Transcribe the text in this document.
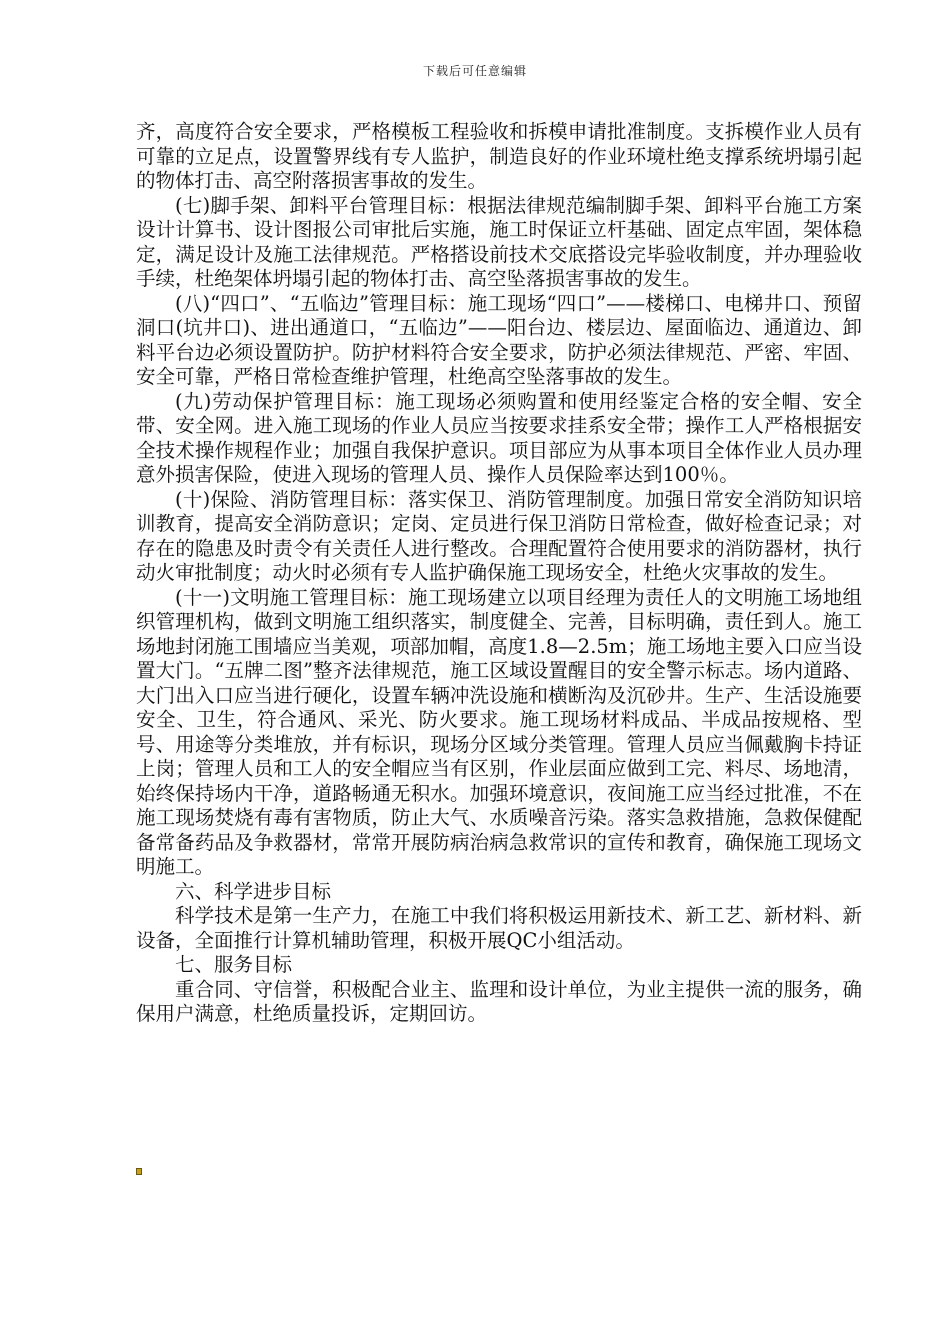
下载后可任意编辑

齐，高度符合安全要求，严格模板工程验收和拆模申请批准制度。支拆模作业人员有可靠的立足点，设置警界线有专人监护，制造良好的作业环境杜绝支撑系统坍塌引起的物体打击、高空附落损害事故的发生。

(七)脚手架、卸料平台管理目标：根据法律规范编制脚手架、卸料平台施工方案设计计算书、设计图报公司审批后实施，施工时保证立杆基础、固定点牢固，架体稳定，满足设计及施工法律规范。严格搭设前技术交底搭设完毕验收制度，并办理验收手续，杜绝架体坍塌引起的物体打击、高空坠落损害事故的发生。

(八)“四口”、“五临边”管理目标：施工现场“四口”——楼梯口、电梯井口、预留洞口(坑井口)、进出通道口，“五临边”——阳台边、楼层边、屋面临边、通道边、卸料平台边必须设置防护。防护材料符合安全要求，防护必须法律规范、严密、牢固、安全可靠，严格日常检查维护管理，杜绝高空坠落事故的发生。

(九)劳动保护管理目标：施工现场必须购置和使用经鉴定合格的安全帽、安全带、安全网。进入施工现场的作业人员应当按要求挂系安全带；操作工人严格根据安全技术操作规程作业；加强自我保护意识。项目部应为从事本项目全体作业人员办理意外损害保险，使进入现场的管理人员、操作人员保险率达到100％。

(十)保险、消防管理目标：落实保卫、消防管理制度。加强日常安全消防知识培训教育，提高安全消防意识；定岗、定员进行保卫消防日常检查，做好检查记录；对存在的隐患及时责令有关责任人进行整改。合理配置符合使用要求的消防器材，执行动火审批制度；动火时必须有专人监护确保施工现场安全，杜绝火灾事故的发生。

(十一)文明施工管理目标：施工现场建立以项目经理为责任人的文明施工场地组织管理机构，做到文明施工组织落实，制度健全、完善，目标明确，责任到人。施工场地封闭施工围墙应当美观，项部加帽，高度1.8—2.5m；施工场地主要入口应当设置大门。“五牌二图”整齐法律规范，施工区域设置醒目的安全警示标志。场内道路、大门出入口应当进行硬化，设置车辆冲洗设施和横断沟及沉砂井。生产、生活设施要安全、卫生，符合通风、采光、防火要求。施工现场材料成品、半成品按规格、型号、用途等分类堆放，并有标识，现场分区域分类管理。管理人员应当佩戴胸卡持证上岗；管理人员和工人的安全帽应当有区别，作业层面应做到工完、料尽、场地清，始终保持场内干净，道路畅通无积水。加强环境意识，夜间施工应当经过批准，不在施工现场焚烧有毒有害物质，防止大气、水质噪音污染。落实急救措施，急救保健配备常备药品及争救器材，常常开展防病治病急救常识的宣传和教育，确保施工现场文明施工。

六、科学进步目标

科学技术是第一生产力，在施工中我们将积极运用新技术、新工艺、新材料、新设备，全面推行计算机辅助管理，积极开展QC小组活动。

七、服务目标

重合同、守信誉，积极配合业主、监理和设计单位，为业主提供一流的服务，确保用户满意，杜绝质量投诉，定期回访。
